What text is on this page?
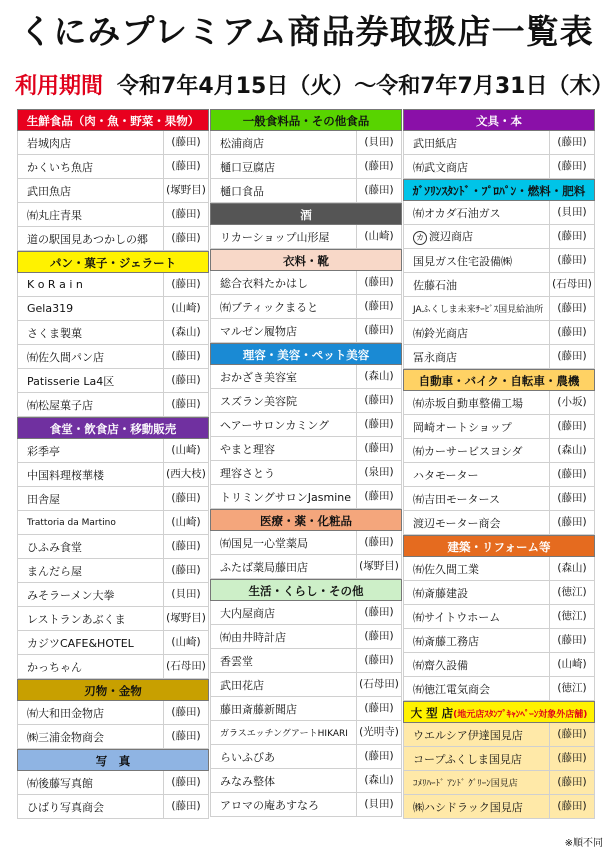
くにみプレミアム商品券取扱店一覧表
利用期間 令和7年4月15日（火）～令和7年7月31日（木）
生鮮食品（肉・魚・野菜・果物）
岩城肉店	(藤田)
かくいち魚店	(藤田)
武田魚店	(塚野目)
㈲丸庄青果	(藤田)
道の駅国見あつかしの郷	(藤田)
パン・菓子・ジェラート
K o R a i n	(藤田)
Gela319	(山崎)
さくま製菓	(森山)
㈲佐久間パン店	(藤田)
Patisserie La4区	(藤田)
㈲松屋菓子店	(藤田)
食堂・飲食店・移動販売
彩季亭	(山崎)
中国料理桜華楼	(西大枝)
田舎屋	(藤田)
Trattoria da Martino	(山崎)
ひふみ食堂	(藤田)
まんだら屋	(藤田)
みそラーメン大拳	(貝田)
レストランあぶくま	(塚野目)
カジツCAFE&HOTEL	(山崎)
かっちゃん	(石母田)
刃物・金物
㈲大和田金物店	(藤田)
㈱三浦金物商会	(藤田)
写　真
㈲後藤写真館	(藤田)
ひばり写真商会	(藤田)
一般食料品・その他食品
松浦商店	(貝田)
樋口豆腐店	(藤田)
樋口食品	(藤田)
酒
リカーショップ山形屋	(山崎)
衣料・靴
総合衣料たかはし	(藤田)
㈲ブティックまると	(藤田)
マルゼン履物店	(藤田)
理容・美容・ペット美容
おかざき美容室	(森山)
スズラン美容院	(藤田)
ヘアーサロンカミング	(藤田)
やまと理容	(藤田)
理容さとう	(泉田)
トリミングサロンJasmine	(藤田)
医療・薬・化粧品
㈲国見一心堂薬局	(藤田)
ふたば薬局藤田店	(塚野目)
生活・くらし・その他
大内屋商店	(藤田)
㈲由井時計店	(藤田)
香雲堂	(藤田)
武田花店	(石母田)
藤田斎藤新聞店	(藤田)
ガラスエッチングアートHIKARI	(光明寺)
らいふびあ	(藤田)
みなみ整体	(森山)
アロマの庵あすなろ	(貝田)
文具・本
武田紙店	(藤田)
㈲武文商店	(藤田)
ｶﾞｿﾘﾝｽﾀﾝﾄﾞ・ﾌﾟﾛﾊﾟﾝ・燃料・肥料
㈲オカダ石油ガス	(貝田)
カ 渡辺商店	(藤田)
国見ガス住宅設備㈱	(藤田)
佐藤石油	(石母田)
JAふくしま未来ｻｰﾋﾞｽ国見給油所	(藤田)
㈲鈴光商店	(藤田)
冨永商店	(藤田)
自動車・バイク・自転車・農機
㈲赤坂自動車整備工場	(小坂)
岡崎オートショップ	(藤田)
㈲カーサービスヨシダ	(森山)
ハタモーター	(藤田)
㈲吉田モータース	(藤田)
渡辺モーター商会	(藤田)
建築・リフォーム等
㈲佐久間工業	(森山)
㈲斎藤建設	(徳江)
㈲サイトウホーム	(徳江)
㈲斎藤工務店	(藤田)
㈲齋久設備	(山崎)
㈲徳江電気商会	(徳江)
大 型 店(地元店ｽﾀﾝﾌﾟｷｬﾝﾍﾟｰﾝ対象外店舗)
ウエルシア伊達国見店	(藤田)
コープふくしま国見店	(藤田)
ｺﾒﾘﾊｰﾄﾞ ｱﾝﾄﾞ ｸﾞﾘｰﾝ国見店	(藤田)
㈱ハシドラック国見店	(藤田)
※順不同
